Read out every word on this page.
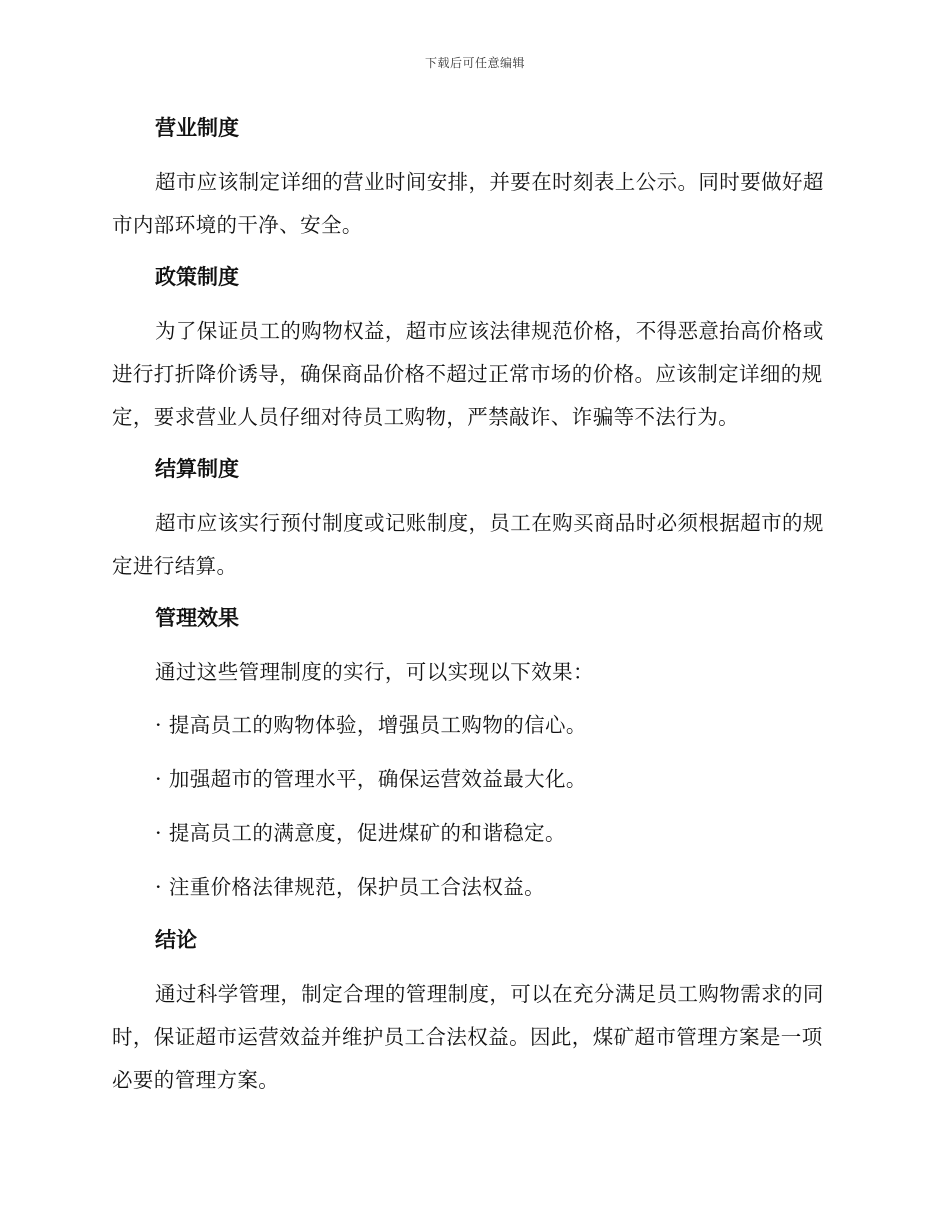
下载后可任意编辑
营业制度
超市应该制定详细的营业时间安排，并要在时刻表上公示。同时要做好超市内部环境的干净、安全。
政策制度
为了保证员工的购物权益，超市应该法律规范价格，不得恶意抬高价格或进行打折降价诱导，确保商品价格不超过正常市场的价格。应该制定详细的规定，要求营业人员仔细对待员工购物，严禁敲诈、诈骗等不法行为。
结算制度
超市应该实行预付制度或记账制度，员工在购买商品时必须根据超市的规定进行结算。
管理效果
通过这些管理制度的实行，可以实现以下效果：
· 提高员工的购物体验，增强员工购物的信心。
· 加强超市的管理水平，确保运营效益最大化。
· 提高员工的满意度，促进煤矿的和谐稳定。
· 注重价格法律规范，保护员工合法权益。
结论
通过科学管理，制定合理的管理制度，可以在充分满足员工购物需求的同时，保证超市运营效益并维护员工合法权益。因此，煤矿超市管理方案是一项必要的管理方案。
